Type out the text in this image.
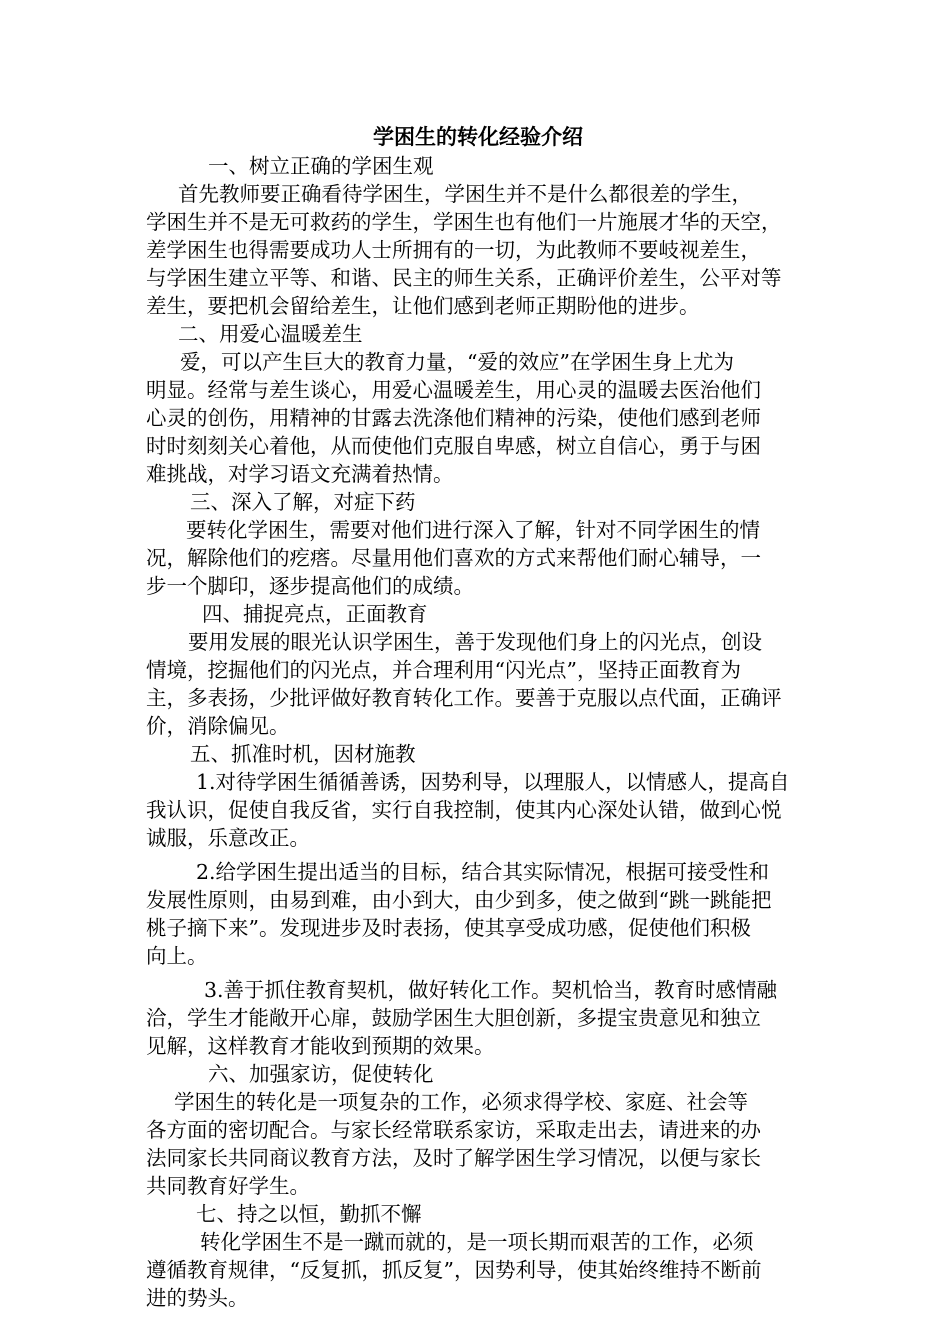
学困生的转化经验介绍
一、树立正确的学困生观
首先教师要正确看待学困生，学困生并不是什么都很差的学生，
学困生并不是无可救药的学生，学困生也有他们一片施展才华的天空，
差学困生也得需要成功人士所拥有的一切，为此教师不要岐视差生，
与学困生建立平等、和谐、民主的师生关系，正确评价差生，公平对等
差生，要把机会留给差生，让他们感到老师正期盼他的进步。
二、用爱心温暖差生
爱，可以产生巨大的教育力量，“爱的效应”在学困生身上尤为
明显。经常与差生谈心，用爱心温暖差生，用心灵的温暖去医治他们
心灵的创伤，用精神的甘露去洗涤他们精神的污染，使他们感到老师
时时刻刻关心着他，从而使他们克服自卑感，树立自信心，勇于与困
难挑战，对学习语文充满着热情。
三、深入了解，对症下药
要转化学困生，需要对他们进行深入了解，针对不同学困生的情
况，解除他们的疙瘩。尽量用他们喜欢的方式来帮他们耐心辅导，一
步一个脚印，逐步提高他们的成绩。
四、捕捉亮点，正面教育
要用发展的眼光认识学困生，善于发现他们身上的闪光点，创设
情境，挖掘他们的闪光点，并合理利用“闪光点”，坚持正面教育为
主，多表扬，少批评做好教育转化工作。要善于克服以点代面，正确评
价，消除偏见。
五、抓准时机，因材施教
1.对待学困生循循善诱，因势利导，以理服人，以情感人，提高自
我认识，促使自我反省，实行自我控制，使其内心深处认错，做到心悦
诚服，乐意改正。
2.给学困生提出适当的目标，结合其实际情况，根据可接受性和
发展性原则，由易到难，由小到大，由少到多，使之做到“跳一跳能把
桃子摘下来”。发现进步及时表扬，使其享受成功感，促使他们积极
向上。
3.善于抓住教育契机，做好转化工作。契机恰当，教育时感情融
洽，学生才能敞开心扉，鼓励学困生大胆创新，多提宝贵意见和独立
见解，这样教育才能收到预期的效果。
六、加强家访，促使转化
学困生的转化是一项复杂的工作，必须求得学校、家庭、社会等
各方面的密切配合。与家长经常联系家访，采取走出去，请进来的办
法同家长共同商议教育方法，及时了解学困生学习情况，以便与家长
共同教育好学生。
七、持之以恒，勤抓不懈
转化学困生不是一蹴而就的，是一项长期而艰苦的工作，必须
遵循教育规律，“反复抓，抓反复”，因势利导，使其始终维持不断前
进的势头。
